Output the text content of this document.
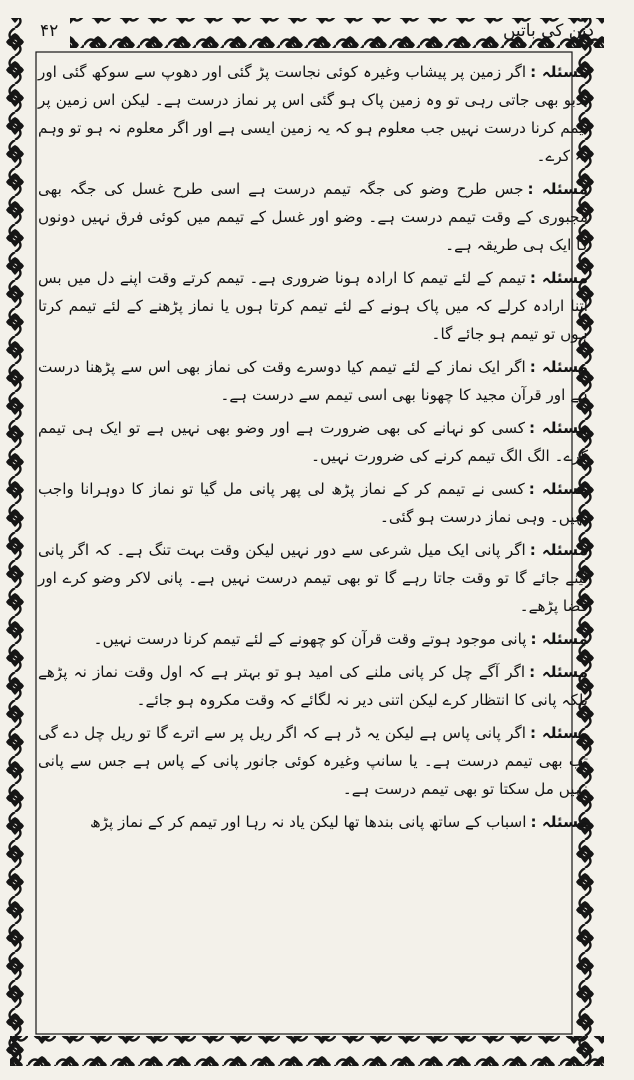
دین کی باتیں
۴۲

مسئلہ :اگر زمین پر پیشاب وغیرہ کوئی نجاست پڑ گئی اور دھوپ سے سوکھ گئی اور بدبو بھی جاتی رہی تو وہ زمین پاک ہو گئی اس پر نماز درست ہے۔ لیکن اس زمین پر تیمم کرنا درست نہیں جب معلوم ہو کہ یہ زمین ایسی ہے اور اگر معلوم نہ ہو تو وہم نہ کرے۔

مسئلہ :جس طرح وضو کی جگہ تیمم درست ہے اسی طرح غسل کی جگہ بھی مجبوری کے وقت تیمم درست ہے۔ وضو اور غسل کے تیمم میں کوئی فرق نہیں دونوں کا ایک ہی طریقہ ہے۔

مسئلہ :تیمم کے لئے تیمم کا ارادہ ہونا ضروری ہے۔ تیمم کرتے وقت اپنے دل میں بس اتنا ارادہ کرلے کہ میں پاک ہونے کے لئے تیمم کرتا ہوں یا نماز پڑھنے کے لئے تیمم کرتا ہوں تو تیمم ہو جائے گا۔

مسئلہ :اگر ایک نماز کے لئے تیمم کیا دوسرے وقت کی نماز بھی اس سے پڑھنا درست ہے اور قرآن مجید کا چھونا بھی اسی تیمم سے درست ہے۔

مسئلہ :کسی کو نہانے کی بھی ضرورت ہے اور وضو بھی نہیں ہے تو ایک ہی تیمم کرے۔ الگ الگ تیمم کرنے کی ضرورت نہیں۔

مسئلہ :کسی نے تیمم کر کے نماز پڑھ لی پھر پانی مل گیا تو نماز کا دوہرانا واجب نہیں۔ وہی نماز درست ہو گئی۔

مسئلہ :اگر پانی ایک میل شرعی سے دور نہیں لیکن وقت بہت تنگ ہے۔ کہ اگر پانی لینے جائے گا تو وقت جاتا رہے گا تو بھی تیمم درست نہیں ہے۔ پانی لاکر وضو کرے اور قضا پڑھے۔

مسئلہ :پانی موجود ہوتے وقت قرآن کو چھونے کے لئے تیمم کرنا درست نہیں۔

مسئلہ :اگر آگے چل کر پانی ملنے کی امید ہو تو بہتر ہے کہ اول وقت نماز نہ پڑھے بلکہ پانی کا انتظار کرے لیکن اتنی دیر نہ لگائے کہ وقت مکروہ ہو جائے۔

مسئلہ :اگر پانی پاس ہے لیکن یہ ڈر ہے کہ اگر ریل پر سے اترے گا تو ریل چل دے گی تب بھی تیمم درست ہے۔ یا سانپ وغیرہ کوئی جانور پانی کے پاس ہے جس سے پانی نہیں مل سکتا تو بھی تیمم درست ہے۔

مسئلہ :اسباب کے ساتھ پانی بندھا تھا لیکن یاد نہ رہا اور تیمم کر کے نماز پڑھ
